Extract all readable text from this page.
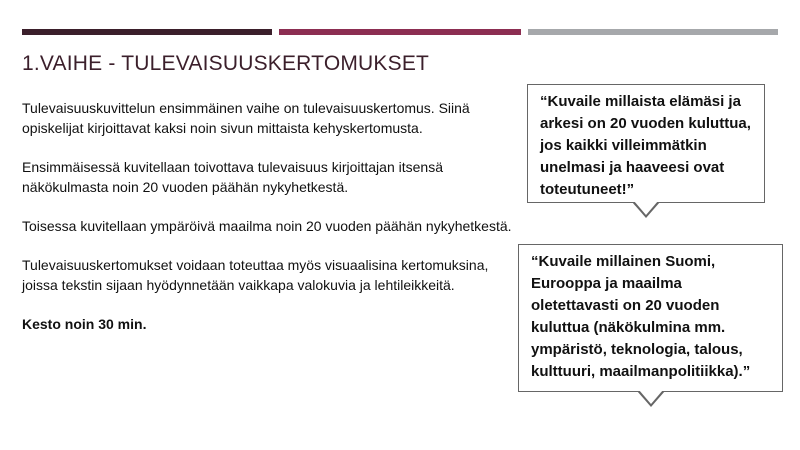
1.VAIHE - TULEVAISUUSKERTOMUKSET

Tulevaisuuskuvittelun ensimmäinen vaihe on tulevaisuuskertomus. Siinä opiskelijat kirjoittavat kaksi noin sivun mittaista kehyskertomusta.

Ensimmäisessä kuvitellaan toivottava tulevaisuus kirjoittajan itsensä näkökulmasta noin 20 vuoden päähän nykyhetkestä.

Toisessa kuvitellaan ympäröivä maailma noin 20 vuoden päähän nykyhetkestä.

Tulevaisuuskertomukset voidaan toteuttaa myös visuaalisina kertomuksina, joissa tekstin sijaan hyödynnetään vaikkapa valokuvia ja lehtileikkeitä.

Kesto noin 30 min.

“Kuvaile millaista elämäsi ja arkesi on 20 vuoden kuluttua, jos kaikki villeimmätkin unelmasi ja haaveesi ovat toteutuneet!”

“Kuvaile millainen Suomi, Eurooppa ja maailma oletettavasti on 20 vuoden kuluttua (näkökulmina mm. ympäristö, teknologia, talous, kulttuuri, maailmanpolitiikka).”
